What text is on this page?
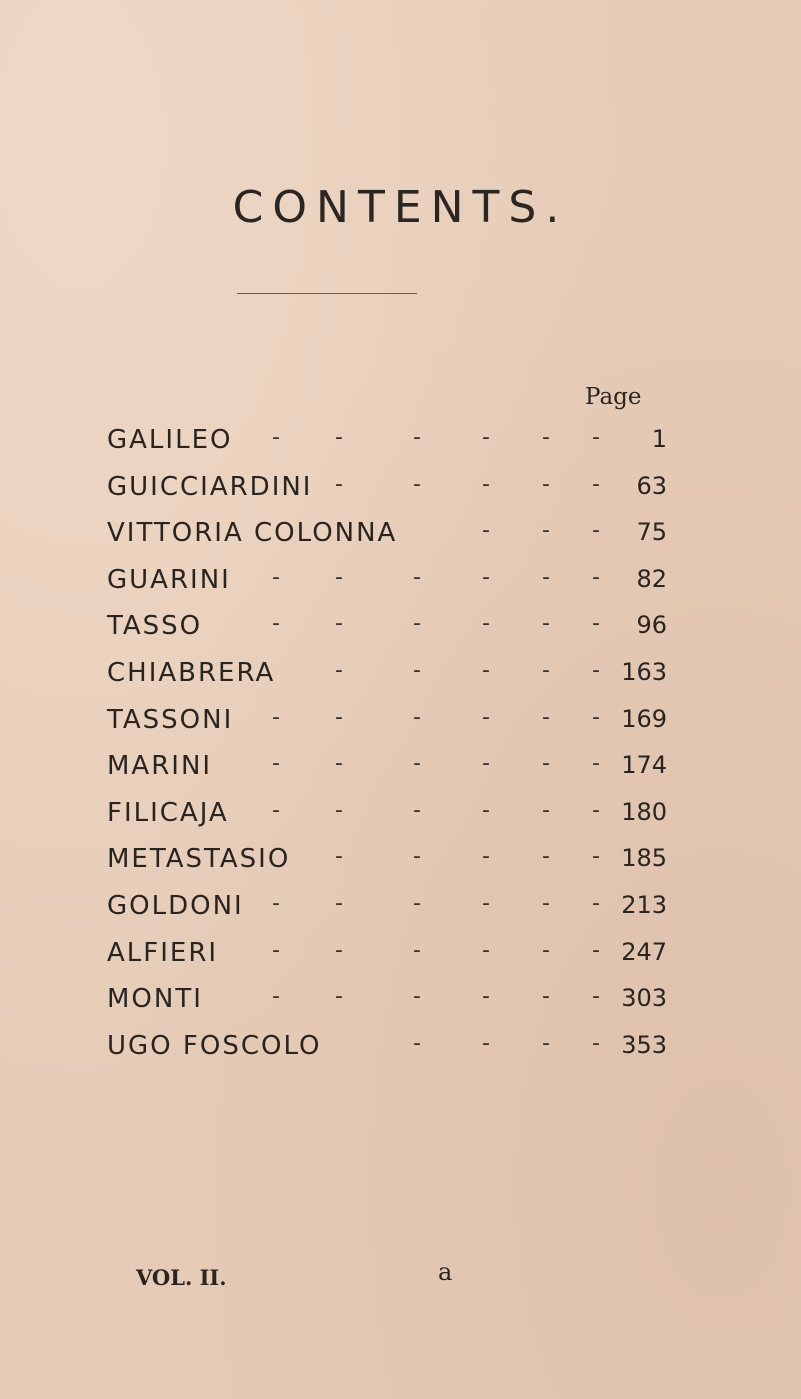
CONTENTS.
Page
GALILEO -	-	-	- - -	1
GUICCIARDINI -	-	- - -	63
VITTORIA COLONNA	- - -	75
GUARINI -	-	-	- - -	82
TASSO	-	-	-	- - -	96
CHIABRERA	-	-	- - - 163
TASSONI -	-	-	- - - 169
MARINI	-	-	-	- - - 174
FILICAJA -	-	-	- - - 180
METASTASIO -	-	- - - 185
GOLDONI -	-	-	- - - 213
ALFIERI -	-	-	- - - 247
MONTI	-	-	-	- - - 303
UGO FOSCOLO	-	- - - 353
VOL. II.	a
